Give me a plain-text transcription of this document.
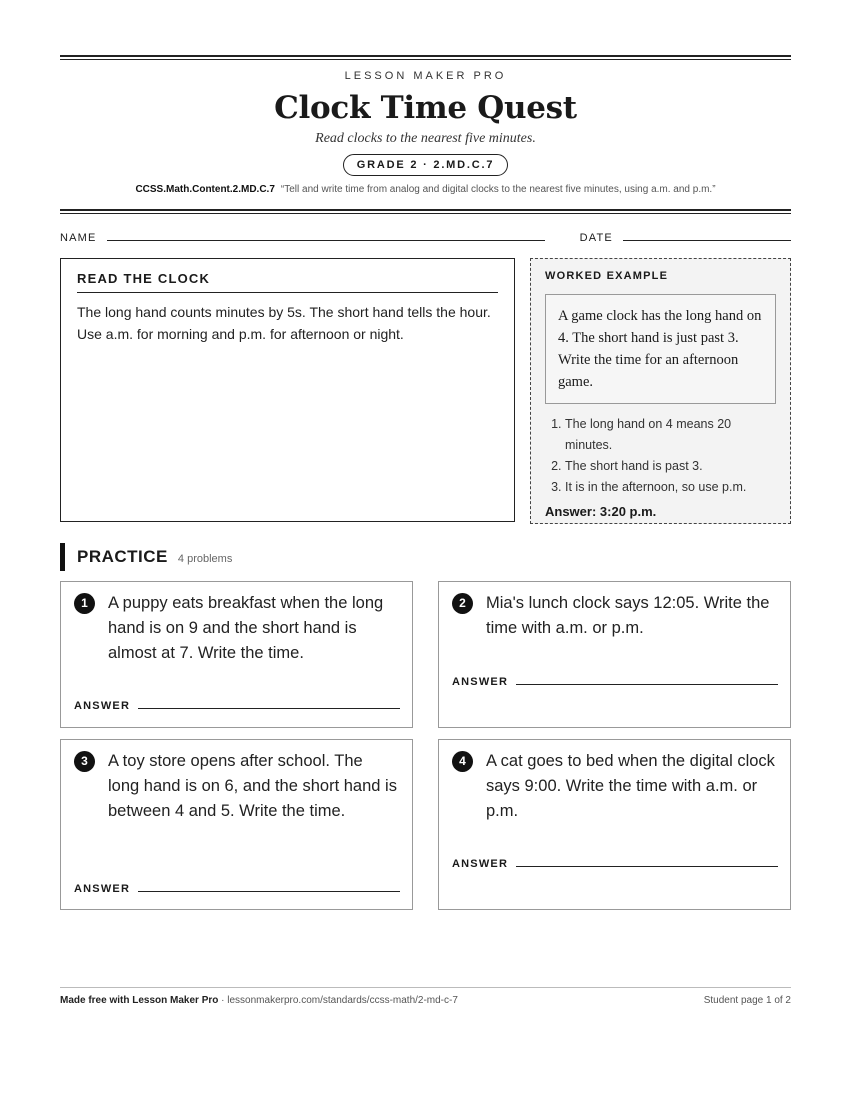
LESSON MAKER PRO
Clock Time Quest
Read clocks to the nearest five minutes.
GRADE 2 · 2.MD.C.7
CCSS.Math.Content.2.MD.C.7 “Tell and write time from analog and digital clocks to the nearest five minutes, using a.m. and p.m.”
NAME	DATE
READ THE CLOCK

The long hand counts minutes by 5s. The short hand tells the hour. Use a.m. for morning and p.m. for afternoon or night.

WORKED EXAMPLE
A game clock has the long hand on 4. The short hand is just past 3. Write the time for an afternoon game.
1. The long hand on 4 means 20 minutes.
2. The short hand is past 3.
3. It is in the afternoon, so use p.m.
Answer: 3:20 p.m.
PRACTICE 4 problems
1	A puppy eats breakfast when the long hand is on 9 and the short hand is almost at 7. Write the time.
ANSWER
2	Mia's lunch clock says 12:05. Write the time with a.m. or p.m.
ANSWER
3	A toy store opens after school. The long hand is on 6, and the short hand is between 4 and 5. Write the time.
ANSWER
4	A cat goes to bed when the digital clock says 9:00. Write the time with a.m. or p.m.
ANSWER
Made free with Lesson Maker Pro · lessonmakerpro.com/standards/ccss-math/2-md-c-7	Student page 1 of 2
